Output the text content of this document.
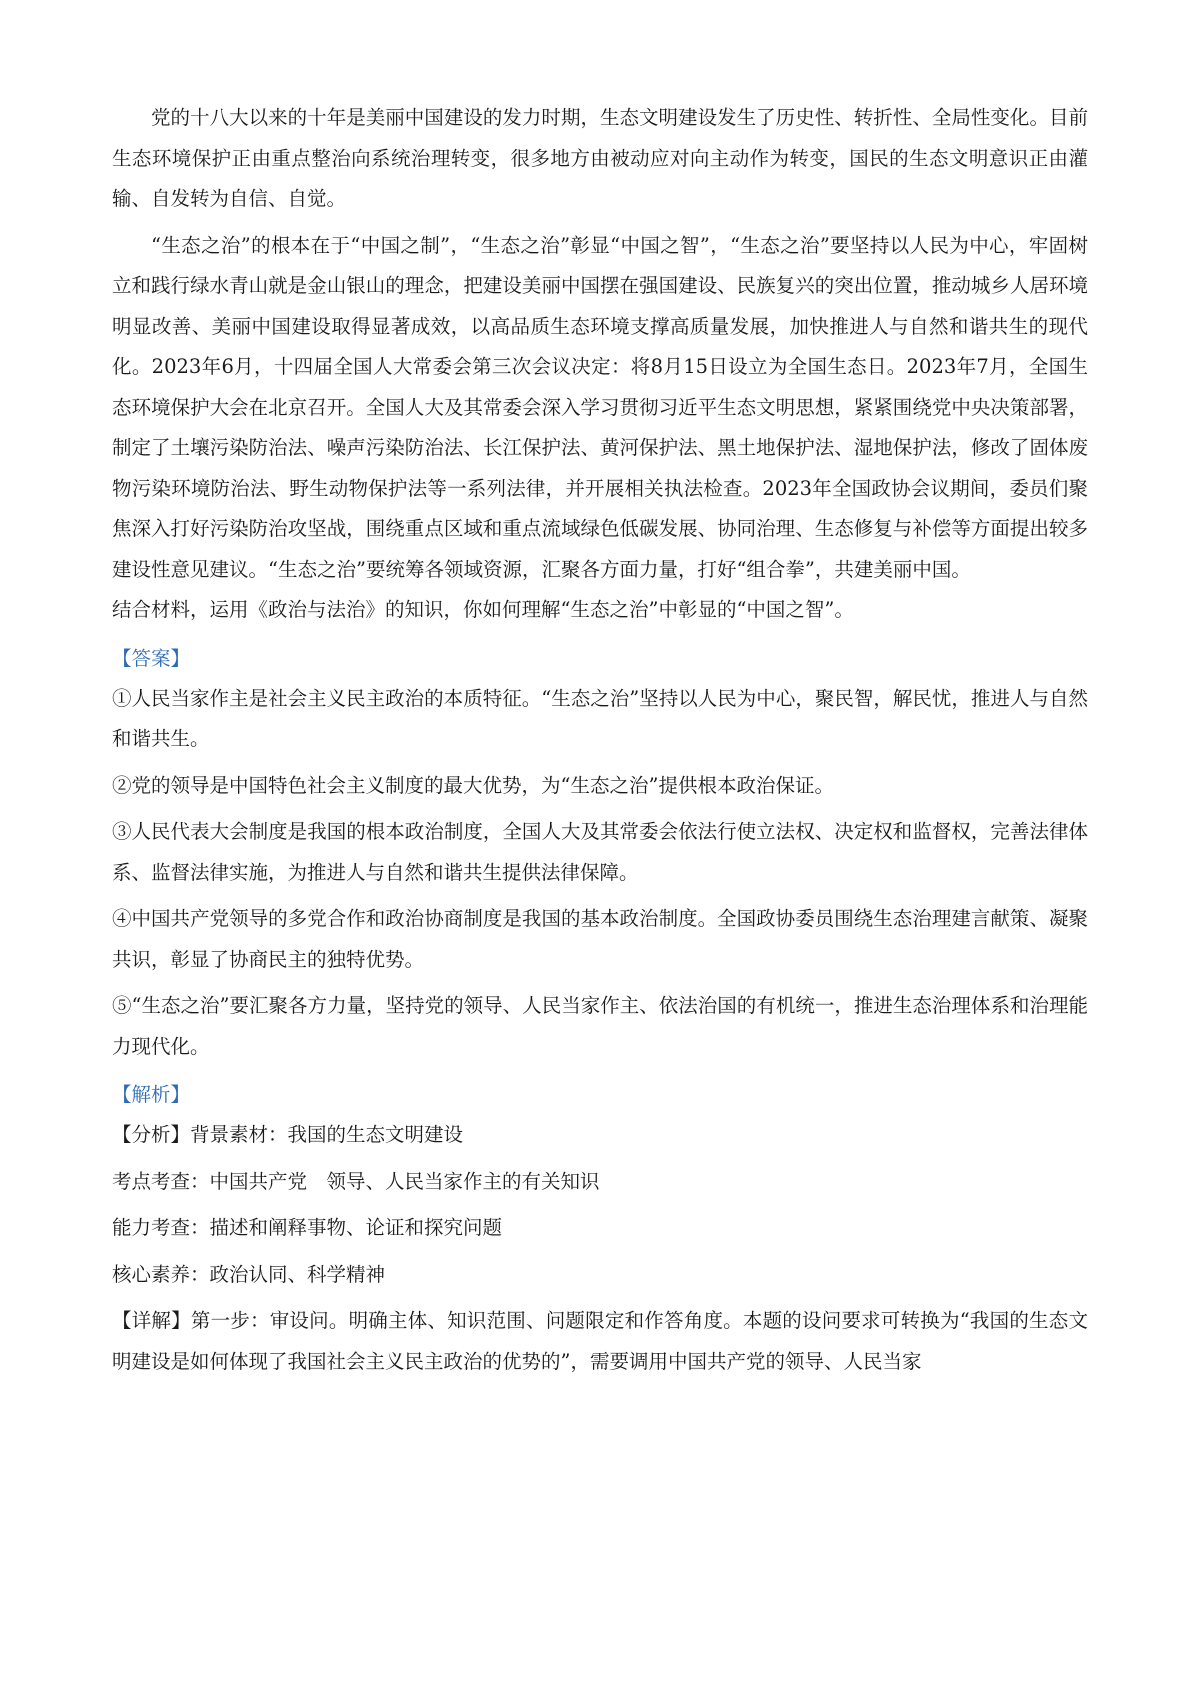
党的十八大以来的十年是美丽中国建设的发力时期，生态文明建设发生了历史性、转折性、全局性变化。目前生态环境保护正由重点整治向系统治理转变，很多地方由被动应对向主动作为转变，国民的生态文明意识正由灌输、自发转为自信、自觉。

“生态之治”的根本在于“中国之制”，“生态之治”彰显“中国之智”，“生态之治”要坚持以人民为中心，牢固树立和践行绿水青山就是金山银山的理念，把建设美丽中国摆在强国建设、民族复兴的突出位置，推动城乡人居环境明显改善、美丽中国建设取得显著成效，以高品质生态环境支撑高质量发展，加快推进人与自然和谐共生的现代化。2023年6月，十四届全国人大常委会第三次会议决定：将8月15日设立为全国生态日。2023年7月，全国生态环境保护大会在北京召开。全国人大及其常委会深入学习贯彻习近平生态文明思想，紧紧围绕党中央决策部署，制定了土壤污染防治法、噪声污染防治法、长江保护法、黄河保护法、黑土地保护法、湿地保护法，修改了固体废物污染环境防治法、野生动物保护法等一系列法律，并开展相关执法检查。2023年全国政协会议期间，委员们聚焦深入打好污染防治攻坚战，围绕重点区域和重点流域绿色低碳发展、协同治理、生态修复与补偿等方面提出较多建设性意见建议。“生态之治”要统筹各领域资源，汇聚各方面力量，打好“组合拳”，共建美丽中国。

结合材料，运用《政治与法治》的知识，你如何理解“生态之治”中彰显的“中国之智”。

【答案】

①人民当家作主是社会主义民主政治的本质特征。“生态之治”坚持以人民为中心，聚民智，解民忧，推进人与自然和谐共生。

②党的领导是中国特色社会主义制度的最大优势，为“生态之治”提供根本政治保证。

③人民代表大会制度是我国的根本政治制度，全国人大及其常委会依法行使立法权、决定权和监督权，完善法律体系、监督法律实施，为推进人与自然和谐共生提供法律保障。

④中国共产党领导的多党合作和政治协商制度是我国的基本政治制度。全国政协委员围绕生态治理建言献策、凝聚共识，彰显了协商民主的独特优势。

⑤“生态之治”要汇聚各方力量，坚持党的领导、人民当家作主、依法治国的有机统一，推进生态治理体系和治理能力现代化。

【解析】

【分析】背景素材：我国的生态文明建设

考点考查：中国共产党　领导、人民当家作主的有关知识

能力考查：描述和阐释事物、论证和探究问题

核心素养：政治认同、科学精神

【详解】第一步：审设问。明确主体、知识范围、问题限定和作答角度。本题的设问要求可转换为“我国的生态文明建设是如何体现了我国社会主义民主政治的优势的”，需要调用中国共产党的领导、人民当家
